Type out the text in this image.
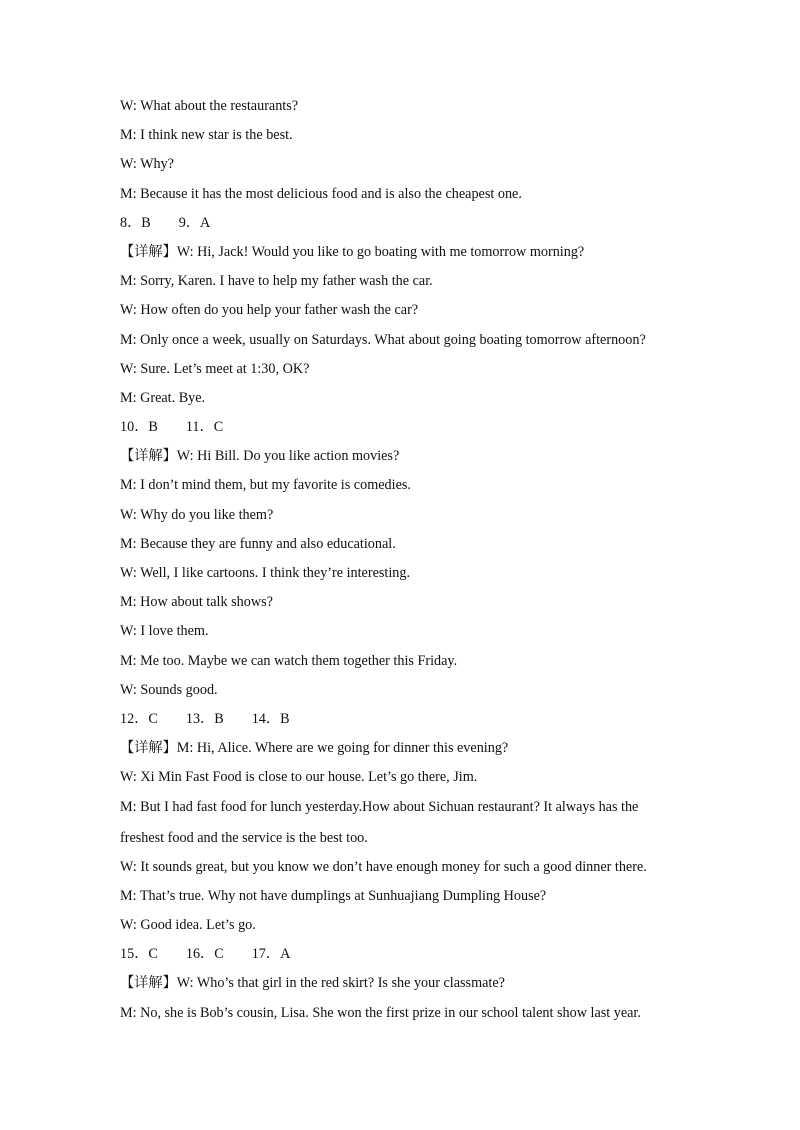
W: What about the restaurants?
M: I think new star is the best.
W: Why?
M: Because it has the most delicious food and is also the cheapest one.
8．B 9．A
【详解】W: Hi, Jack! Would you like to go boating with me tomorrow morning?
M: Sorry, Karen. I have to help my father wash the car.
W: How often do you help your father wash the car?
M: Only once a week, usually on Saturdays. What about going boating tomorrow afternoon?
W: Sure. Let’s meet at 1:30, OK?
M: Great. Bye.
10．B 11．C
【详解】W: Hi Bill. Do you like action movies?
M: I don’t mind them, but my favorite is comedies.
W: Why do you like them?
M: Because they are funny and also educational.
W: Well, I like cartoons. I think they’re interesting.
M: How about talk shows?
W: I love them.
M: Me too. Maybe we can watch them together this Friday.
W: Sounds good.
12．C 13．B 14．B
【详解】M: Hi, Alice. Where are we going for dinner this evening?
W: Xi Min Fast Food is close to our house. Let’s go there, Jim.
M: But I had fast food for lunch yesterday.How about Sichuan restaurant? It always has the
freshest food and the service is the best too.
W: It sounds great, but you know we don’t have enough money for such a good dinner there.
M: That’s true. Why not have dumplings at Sunhuajiang Dumpling House?
W: Good idea. Let’s go.
15．C 16．C 17．A
【详解】W: Who’s that girl in the red skirt? Is she your classmate?
M: No, she is Bob’s cousin, Lisa. She won the first prize in our school talent show last year.
